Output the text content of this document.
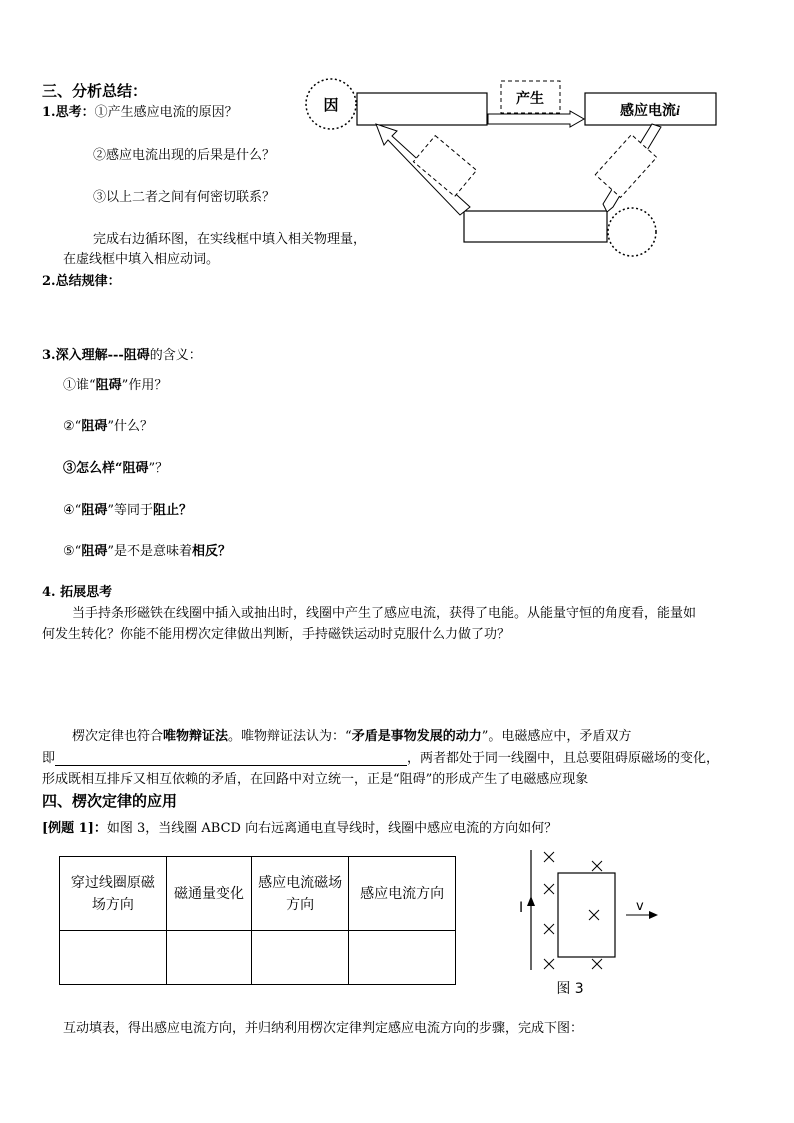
三、分析总结：
1.思考：①产生感应电流的原因？
②感应电流出现的后果是什么？
③以上二者之间有何密切联系？
完成右边循环图，在实线框中填入相关物理量，
在虚线框中填入相应动词。
2.总结规律：
3.深入理解---阻碍的含义：
①谁“阻碍”作用？
②“阻碍”什么？
③怎么样“阻碍”？
④“阻碍”等同于阻止？
⑤“阻碍”是不是意味着相反？
4. 拓展思考
当手持条形磁铁在线圈中插入或抽出时，线圈中产生了感应电流，获得了电能。从能量守恒的角度看，能量如
何发生转化？你能不能用楞次定律做出判断，手持磁铁运动时克服什么力做了功？
楞次定律也符合唯物辩证法。唯物辩证法认为：“矛盾是事物发展的动力”。电磁感应中，矛盾双方
即	，两者都处于同一线圈中，且总要阻碍原磁场的变化，
形成既相互排斥又相互依赖的矛盾，在回路中对立统一，正是“阻碍”的形成产生了电磁感应现象
因	产生
感应电流i
四、楞次定律的应用
[例题 1]：如图 3，当线圈 ABCD 向右远离通电直导线时，线圈中感应电流的方向如何？
穿过线圈原磁场方向	磁通量变化	感应电流磁场方向	感应电流方向

I	v
图 3
互动填表，得出感应电流方向，并归纳利用楞次定律判定感应电流方向的步骤，完成下图：
